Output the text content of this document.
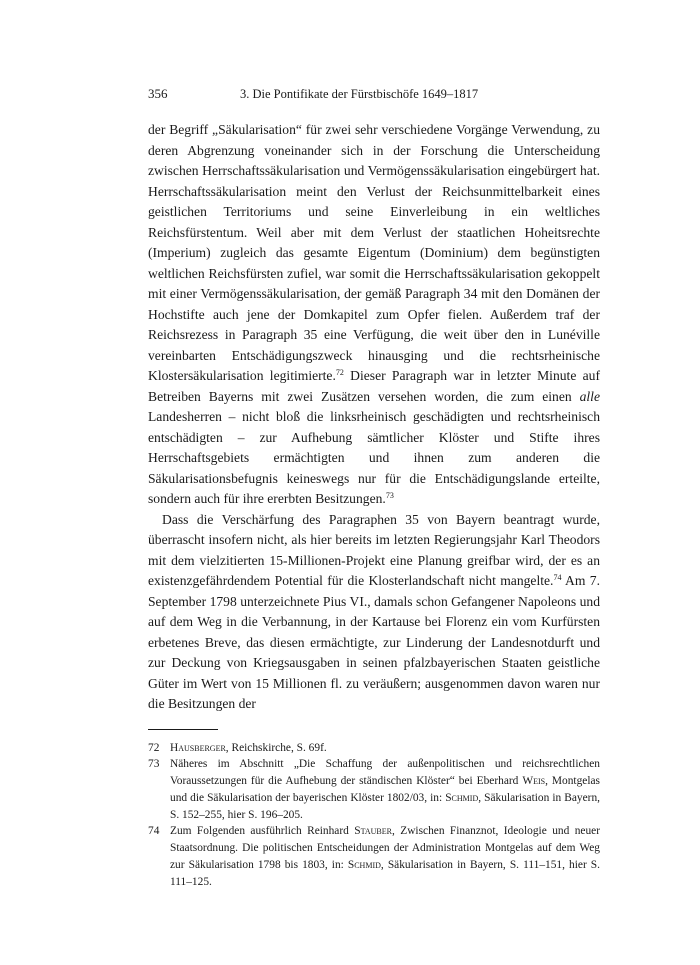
356	3. Die Pontifikate der Fürstbischöfe 1649–1817

der Begriff „Säkularisation“ für zwei sehr verschiedene Vorgänge Verwendung, zu deren Abgrenzung voneinander sich in der Forschung die Unterscheidung zwischen Herrschaftssäkularisation und Vermögenssäkularisation eingebürgert hat. Herrschaftssäkularisation meint den Verlust der Reichsunmittelbarkeit eines geistlichen Territoriums und seine Einverleibung in ein weltliches Reichsfürstentum. Weil aber mit dem Verlust der staatlichen Hoheitsrechte (Imperium) zugleich das gesamte Eigentum (Dominium) dem begünstigten weltlichen Reichsfürsten zufiel, war somit die Herrschaftssäkularisation gekoppelt mit einer Vermögenssäkularisation, der gemäß Paragraph 34 mit den Domänen der Hochstifte auch jene der Domkapitel zum Opfer fielen. Außerdem traf der Reichsrezess in Paragraph 35 eine Verfügung, die weit über den in Lunéville vereinbarten Entschädigungszweck hinausging und die rechtsrheinische Klostersäkularisation legitimierte.$^{72}$ Dieser Paragraph war in letzter Minute auf Betreiben Bayerns mit zwei Zusätzen versehen worden, die zum einen alle Landesherren – nicht bloß die linksrheinisch geschädigten und rechtsrheinisch entschädigten – zur Aufhebung sämtlicher Klöster und Stifte ihres Herrschaftsgebiets ermächtigten und ihnen zum anderen die Säkularisationsbefugnis keineswegs nur für die Entschädigungslande erteilte, sondern auch für ihre ererbten Besitzungen.$^{73}$

Dass die Verschärfung des Paragraphen 35 von Bayern beantragt wurde, überrascht insofern nicht, als hier bereits im letzten Regierungsjahr Karl Theodors mit dem vielzitierten 15-Millionen-Projekt eine Planung greifbar wird, der es an existenzgefährdendem Potential für die Klosterlandschaft nicht mangelte.$^{74}$ Am 7. September 1798 unterzeichnete Pius VI., damals schon Gefangener Napoleons und auf dem Weg in die Verbannung, in der Kartause bei Florenz ein vom Kurfürsten erbetenes Breve, das diesen ermächtigte, zur Linderung der Landesnotdurft und zur Deckung von Kriegsausgaben in seinen pfalzbayerischen Staaten geistliche Güter im Wert von 15 Millionen fl. zu veräußern; ausgenommen davon waren nur die Besitzungen der

72 Hausberger, Reichskirche, S. 69f.
73 Näheres im Abschnitt „Die Schaffung der außenpolitischen und reichsrechtlichen Voraussetzungen für die Aufhebung der ständischen Klöster“ bei Eberhard Weis, Montgelas und die Säkularisation der bayerischen Klöster 1802/03, in: Schmid, Säkularisation in Bayern, S. 152–255, hier S. 196–205.
74 Zum Folgenden ausführlich Reinhard Stauber, Zwischen Finanznot, Ideologie und neuer Staatsordnung. Die politischen Entscheidungen der Administration Montgelas auf dem Weg zur Säkularisation 1798 bis 1803, in: Schmid, Säkularisation in Bayern, S. 111–151, hier S. 111–125.
